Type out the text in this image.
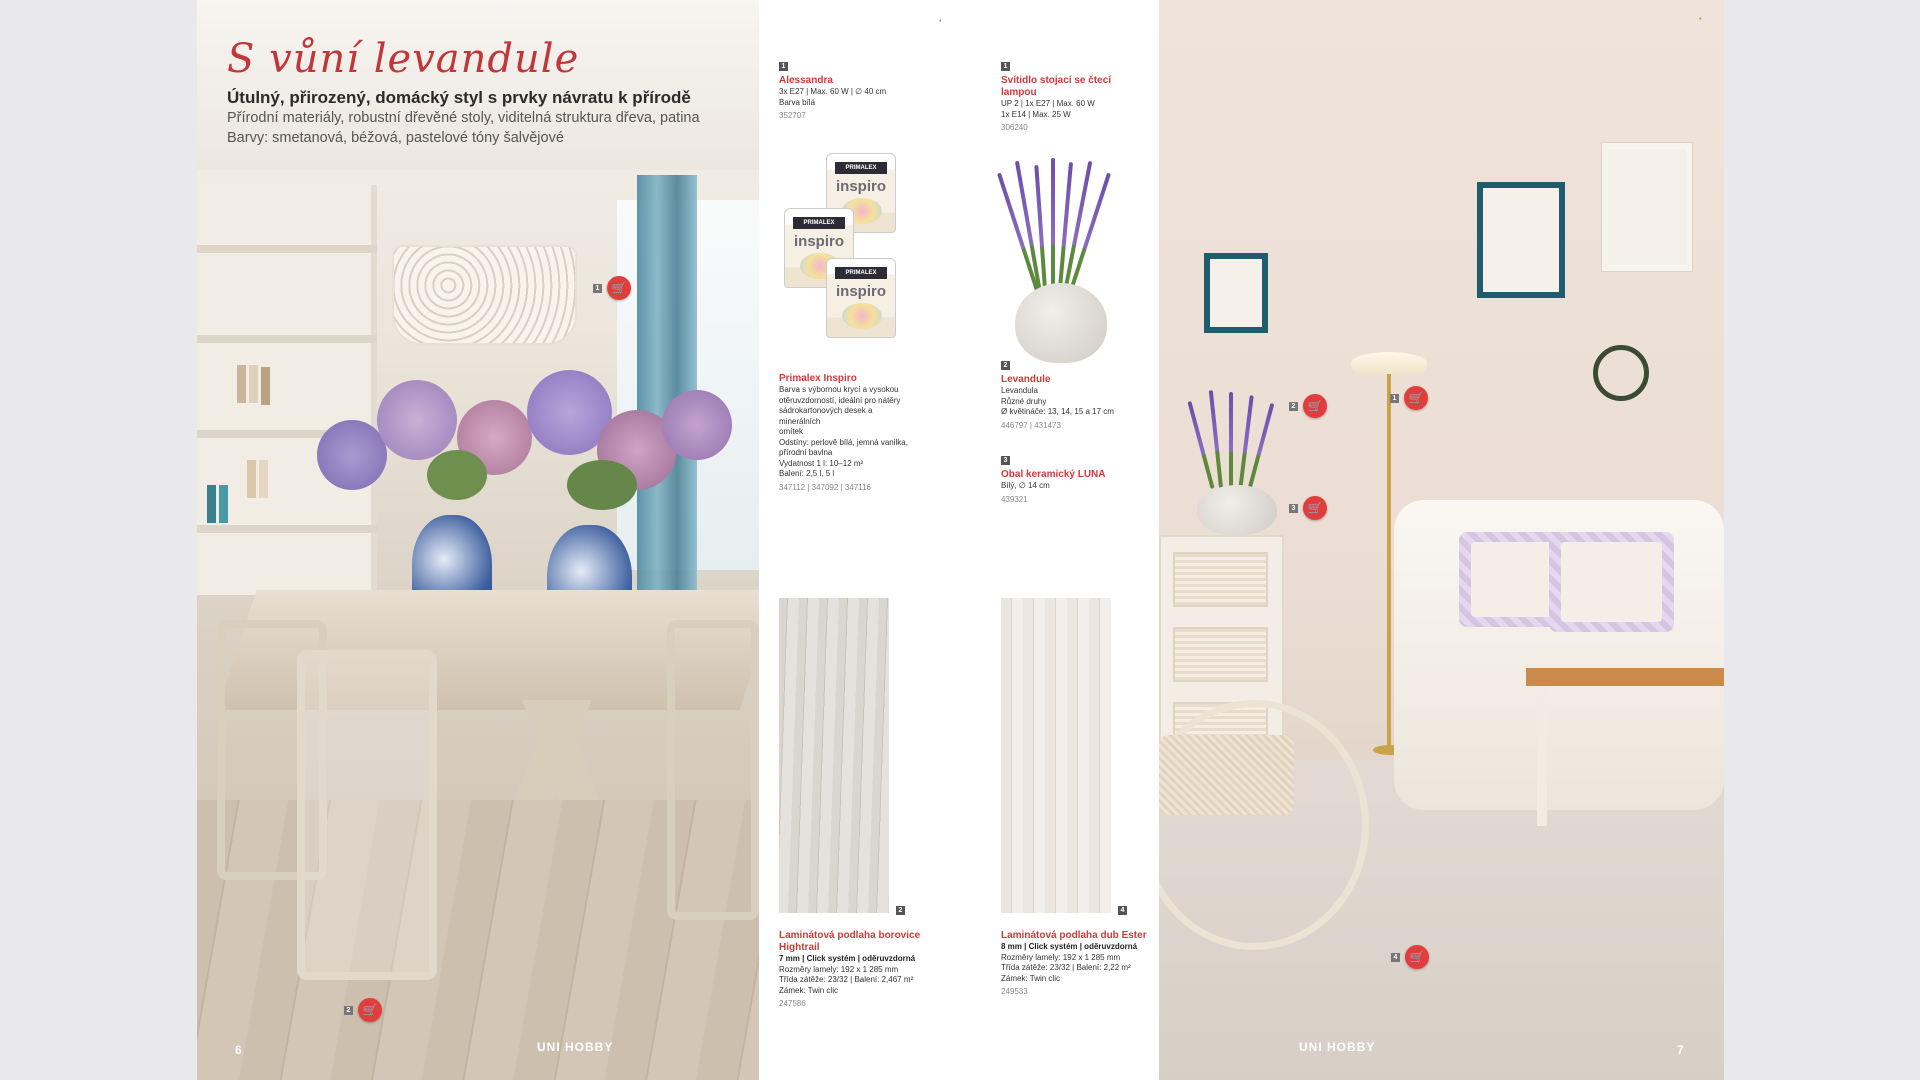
S vůní levandule
Útulný, přirozený, domácký styl s prvky návratu k přírodě
Přírodní materiály, robustní dřevěné stoly, viditelná struktura dřeva, patina
Barvy: smetanová, béžová, pastelové tóny šalvějové
1	🛒
2	🛒
6	UNI HOBBY
•
1
Alessandra
3x E27 | Max. 60 W | ∅ 40 cm
Barva bílá
352707
1
Svítidlo stojací se čtecí lampou
UP 2 | 1x E27 | Max. 60 W
1x E14 | Max. 25 W
306240
PRIMALEX
inspiro
PRIMALEX
inspiro
PRIMALEX
inspiro
Primalex Inspiro
Barva s výbornou krycí a vysokou
otěruvzdorností, ideální pro nátěry
sádrokartonových desek a minerálních
omítek
Odstíny: perlově bílá, jemná vanilka,
přírodní bavlna
Vydatnost 1 l: 10–12 m²
Balení: 2,5 l, 5 l
347112 | 347092 | 347116
2
Levandule
Levandula
Různé druhy
Ø květináče: 13, 14, 15 a 17 cm
446797 | 431473
3
Obal keramický LUNA
Bílý, ∅ 14 cm
439321
2	4
Laminátová podlaha borovice Hightrail
7 mm | Click systém | oděruvzdorná
Rozměry lamely: 192 x 1 285 mm
Třída zátěže: 23/32 | Balení: 2,467 m²
Zámek: Twin clic
247586
Laminátová podlaha dub Ester
8 mm | Click systém | oděruvzdorná
Rozměry lamely: 192 x 1 285 mm
Třída zátěže: 23/32 | Balení: 2,22 m²
Zámek: Twin clic
249533
1	🛒
2	🛒
3	🛒
4	🛒
UNI HOBBY	7
•
